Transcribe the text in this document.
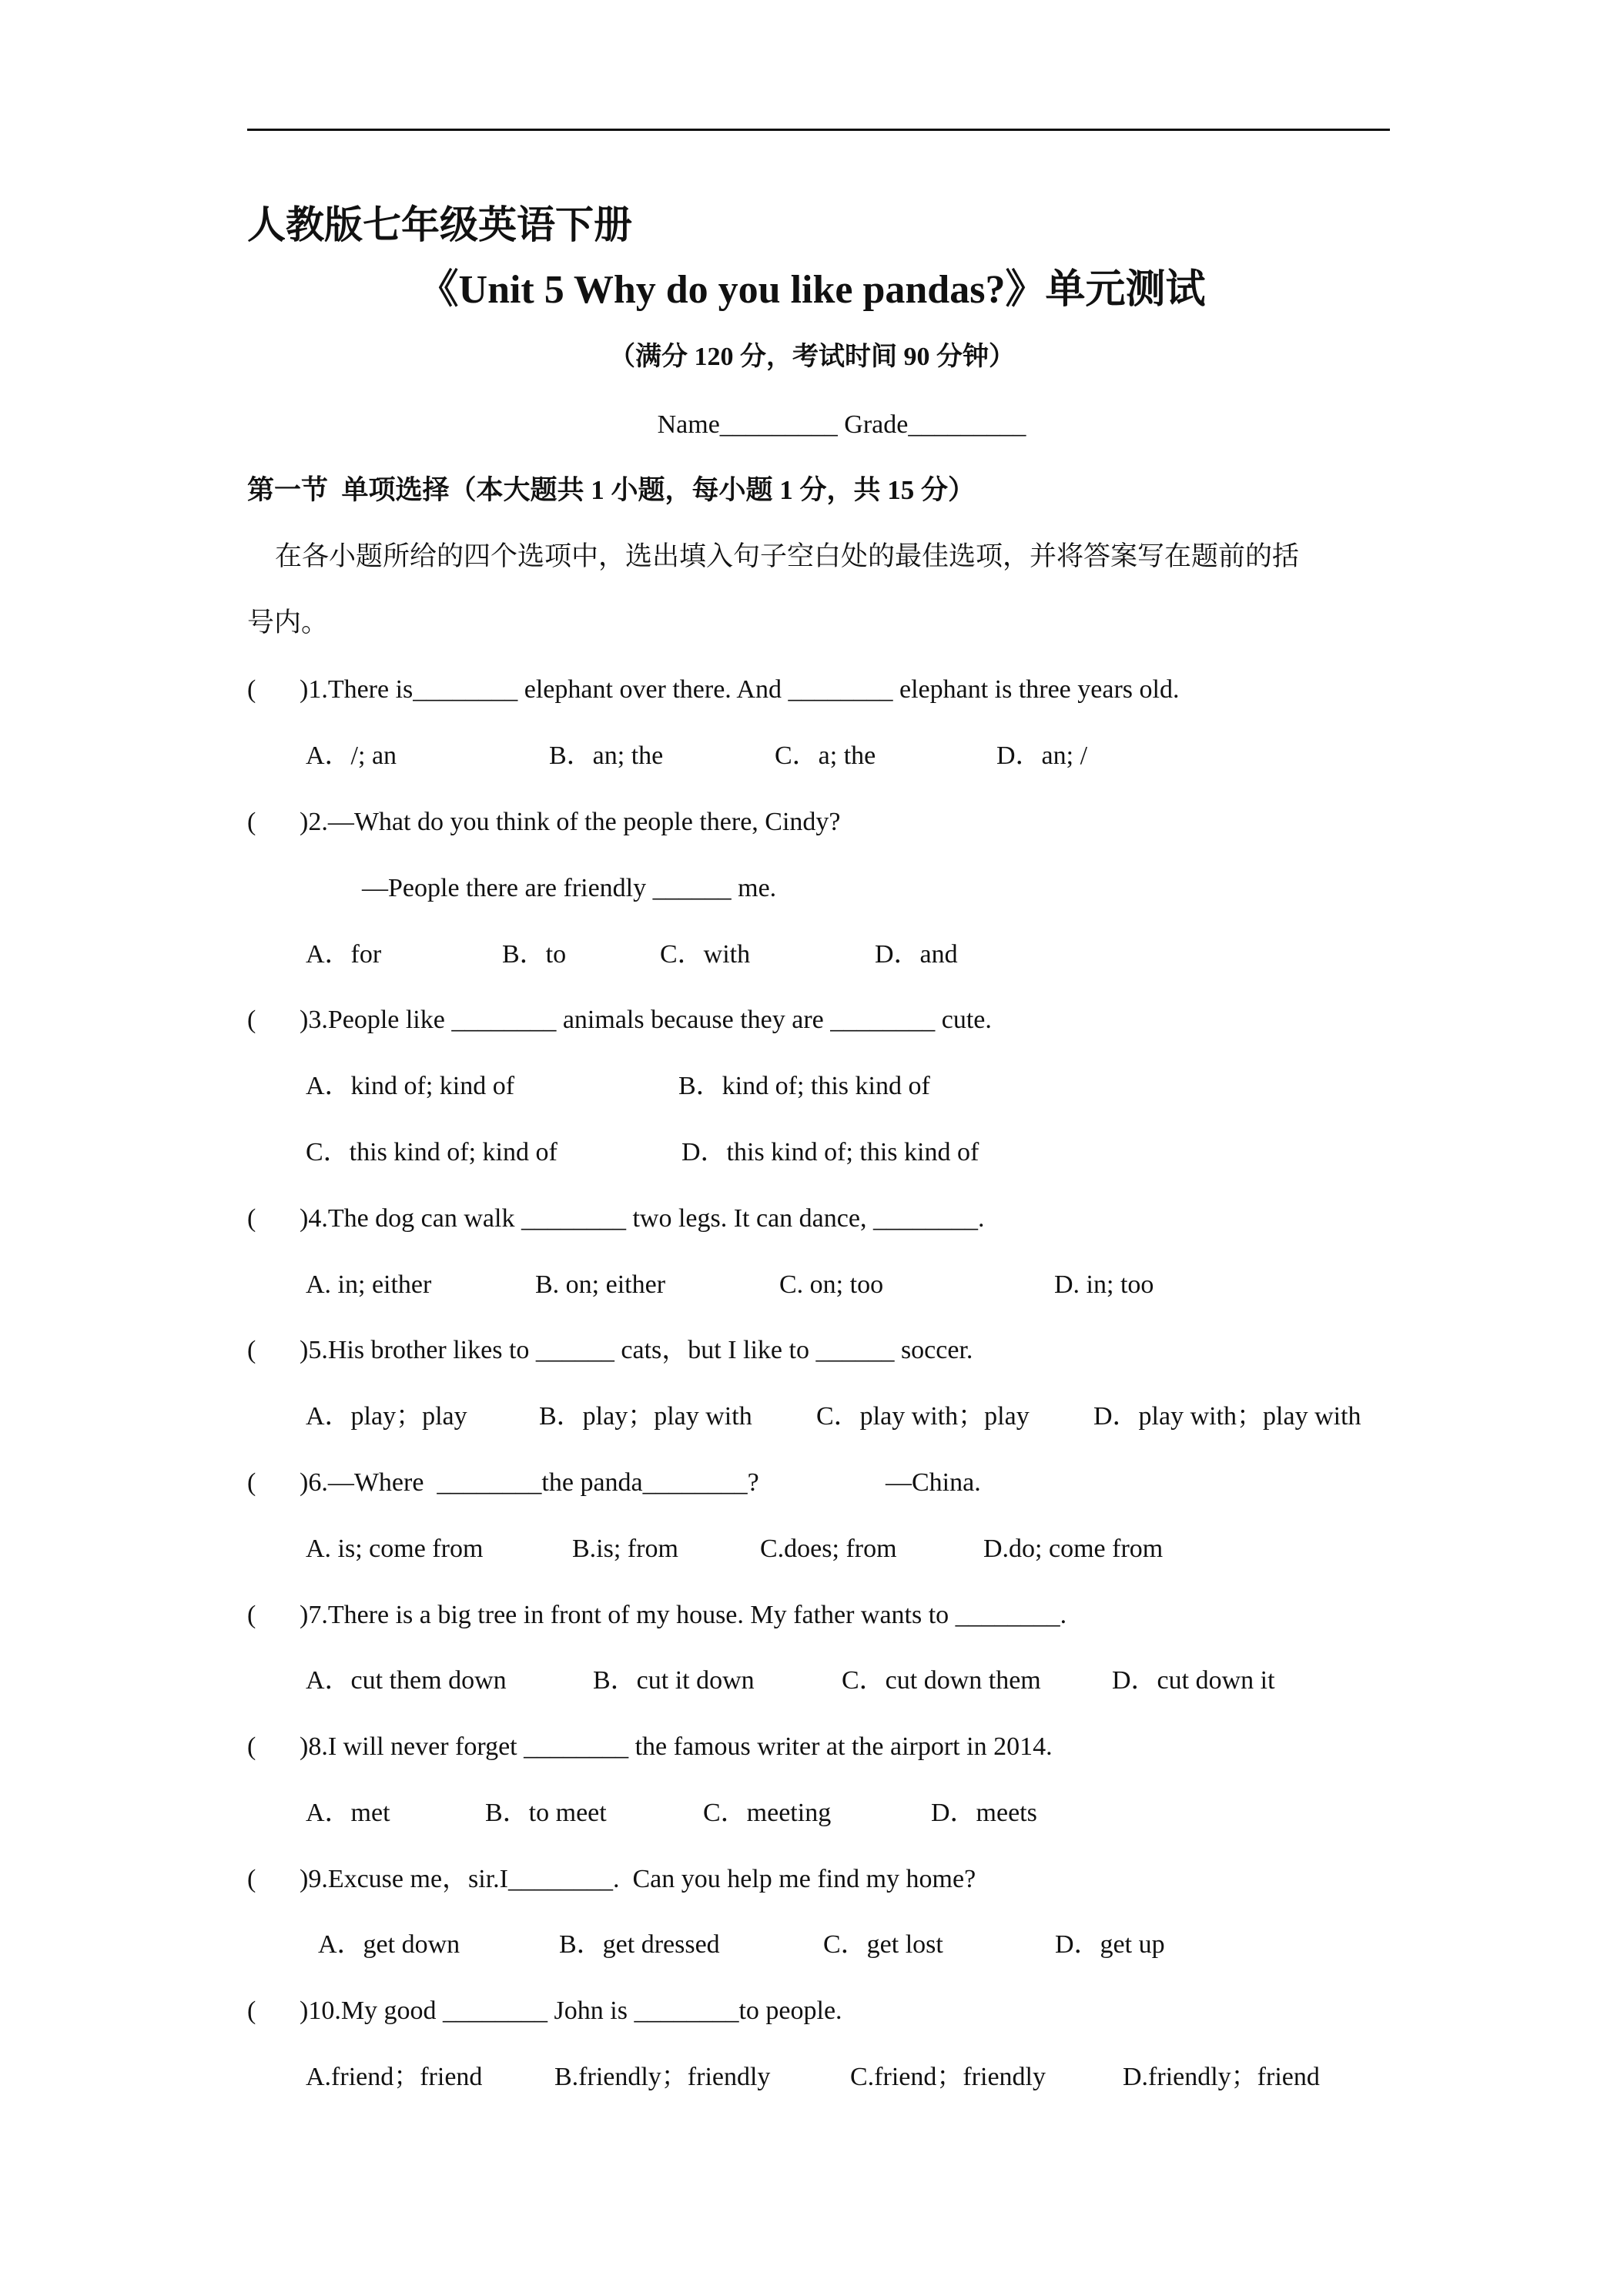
人教版七年级英语下册
《Unit 5 Why do you like pandas?》单元测试
（满分 120 分，考试时间 90 分钟）
Name_________ Grade_________
第一节  单项选择（本大题共 1 小题，每小题 1 分，共 15 分）
在各小题所给的四个选项中，选出填入句子空白处的最佳选项，并将答案写在题前的括
号内。

(

)1.There is________ elephant over there. And ________ elephant is three years old.

A．/; an	B．an; the	C．a; the	D．an; /

(

)2.—What do you think of the people there, Cindy?

—People there are friendly ______ me.
A．for	B．to	C．with	D．and

(

)3.People like ________ animals because they are ________ cute.

A．kind of; kind of	B．kind of; this kind of
C．this kind of; kind of	D．this kind of; this kind of

(

)4.The dog can walk ________ two legs. It can dance, ________.

A. in; either	B. on; either	C. on; too	D. in; too

(

)5.His brother likes to ______ cats，but I like to ______ soccer.

A．play；play	B．play；play with C．play with；play D．play with；play with

(

)6.—Where  ________the panda________?

	—China.
A. is; come from	B.is; from	C.does; from	D.do; come from

(

)7.There is a big tree in front of my house. My father wants to ________.

A．cut them down	B．cut it down	C．cut down them	D．cut down it

(

)8.I will never forget ________ the famous writer at the airport in 2014.

A．met	B．to meet	C．meeting	D．meets

(

)9.Excuse me，sir.I________.  Can you help me find my home?

A．get down	B．get dressed	C．get lost	D．get up

(

)10.My good ________ John is ________to people.

A.friend；friend	B.friendly；friendly	C.friend；friendly	D.friendly；friend
